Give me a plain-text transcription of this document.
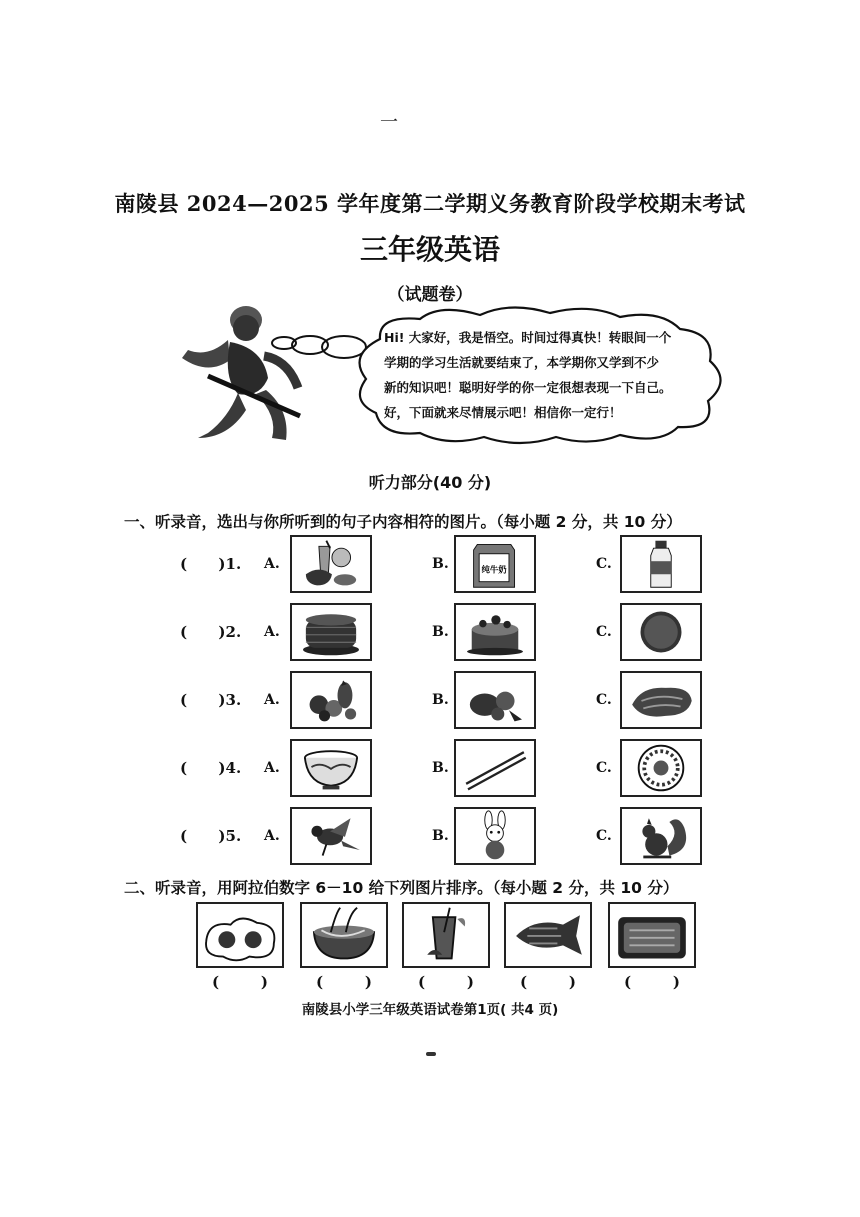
一
南陵县 2024—2025 学年度第二学期义务教育阶段学校期末考试
三年级英语
（试题卷）
Hi! 大家好，我是悟空。时间过得真快！转眼间一个
学期的学习生活就要结束了，本学期你又学到不少
新的知识吧！聪明好学的你一定很想表现一下自己。
好，下面就来尽情展示吧！相信你一定行！
听力部分(40 分)
一、听录音，选出与你所听到的句子内容相符的图片。（每小题 2 分，共 10 分）
(      )1. A.	B.	纯牛奶	C.
(      )2. A.	B.	C.
(      )3. A.	B.	C.
(      )4. A.	B.	C.
(      )5. A.	B.	C.
二、听录音，用阿拉伯数字 6－10 给下列图片排序。（每小题 2 分，共 10 分）
(        )	(        )	(        )	(        )	(        )
南陵县小学三年级英语试卷第1页( 共4 页)
